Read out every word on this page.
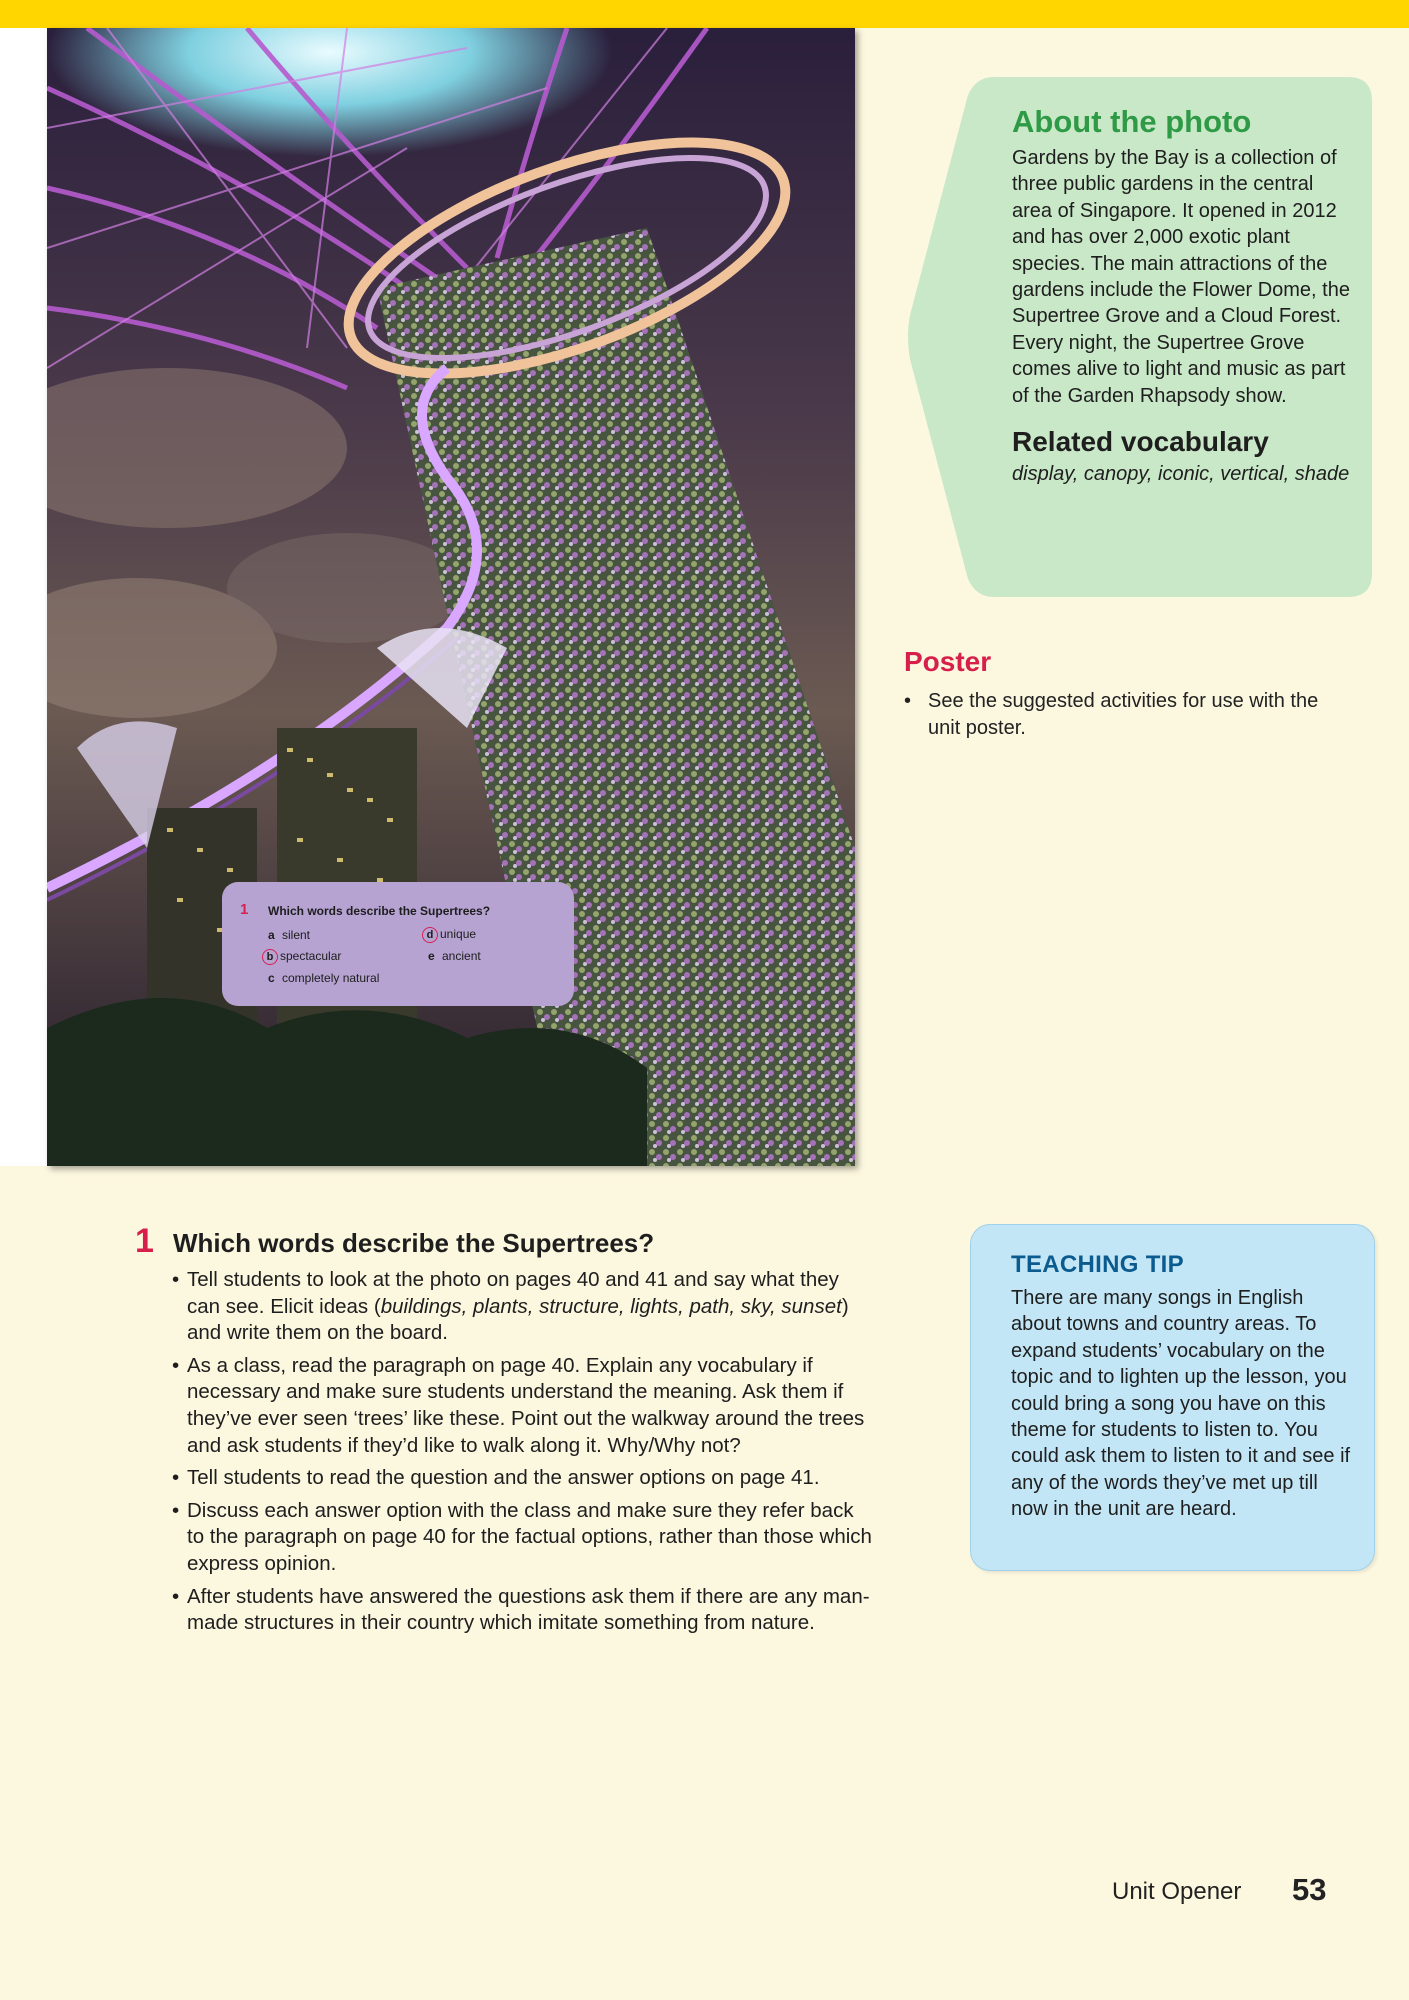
1 Which words describe the Supertrees?
a silent
b spectacular
c completely natural
d unique
e ancient
About the photo

Gardens by the Bay is a collection of three public gardens in the central area of Singapore. It opened in 2012 and has over 2,000 exotic plant species. The main attractions of the gardens include the Flower Dome, the Supertree Grove and a Cloud Forest. Every night, the Supertree Grove comes alive to light and music as part of the Garden Rhapsody show.

Related vocabulary

display, canopy, iconic, vertical, shade

Poster
• See the suggested activities for use with the unit poster.
1 Which words describe the Supertrees?
• Tell students to look at the photo on pages 40 and 41 and say what they can see. Elicit ideas (buildings, plants, structure, lights, path, sky, sunset) and write them on the board.
• As a class, read the paragraph on page 40. Explain any vocabulary if necessary and make sure students understand the meaning. Ask them if they’ve ever seen ‘trees’ like these. Point out the walkway around the trees and ask students if they’d like to walk along it. Why/Why not?
• Tell students to read the question and the answer options on page 41.
• Discuss each answer option with the class and make sure they refer back to the paragraph on page 40 for the factual options, rather than those which express opinion.
• After students have answered the questions ask them if there are any man-made structures in their country which imitate something from nature.
TEACHING TIP

There are many songs in English about towns and country areas. To expand students’ vocabulary on the topic and to lighten up the lesson, you could bring a song you have on this theme for students to listen to. You could ask them to listen to it and see if any of the words they’ve met up till now in the unit are heard.

Unit Opener 53
